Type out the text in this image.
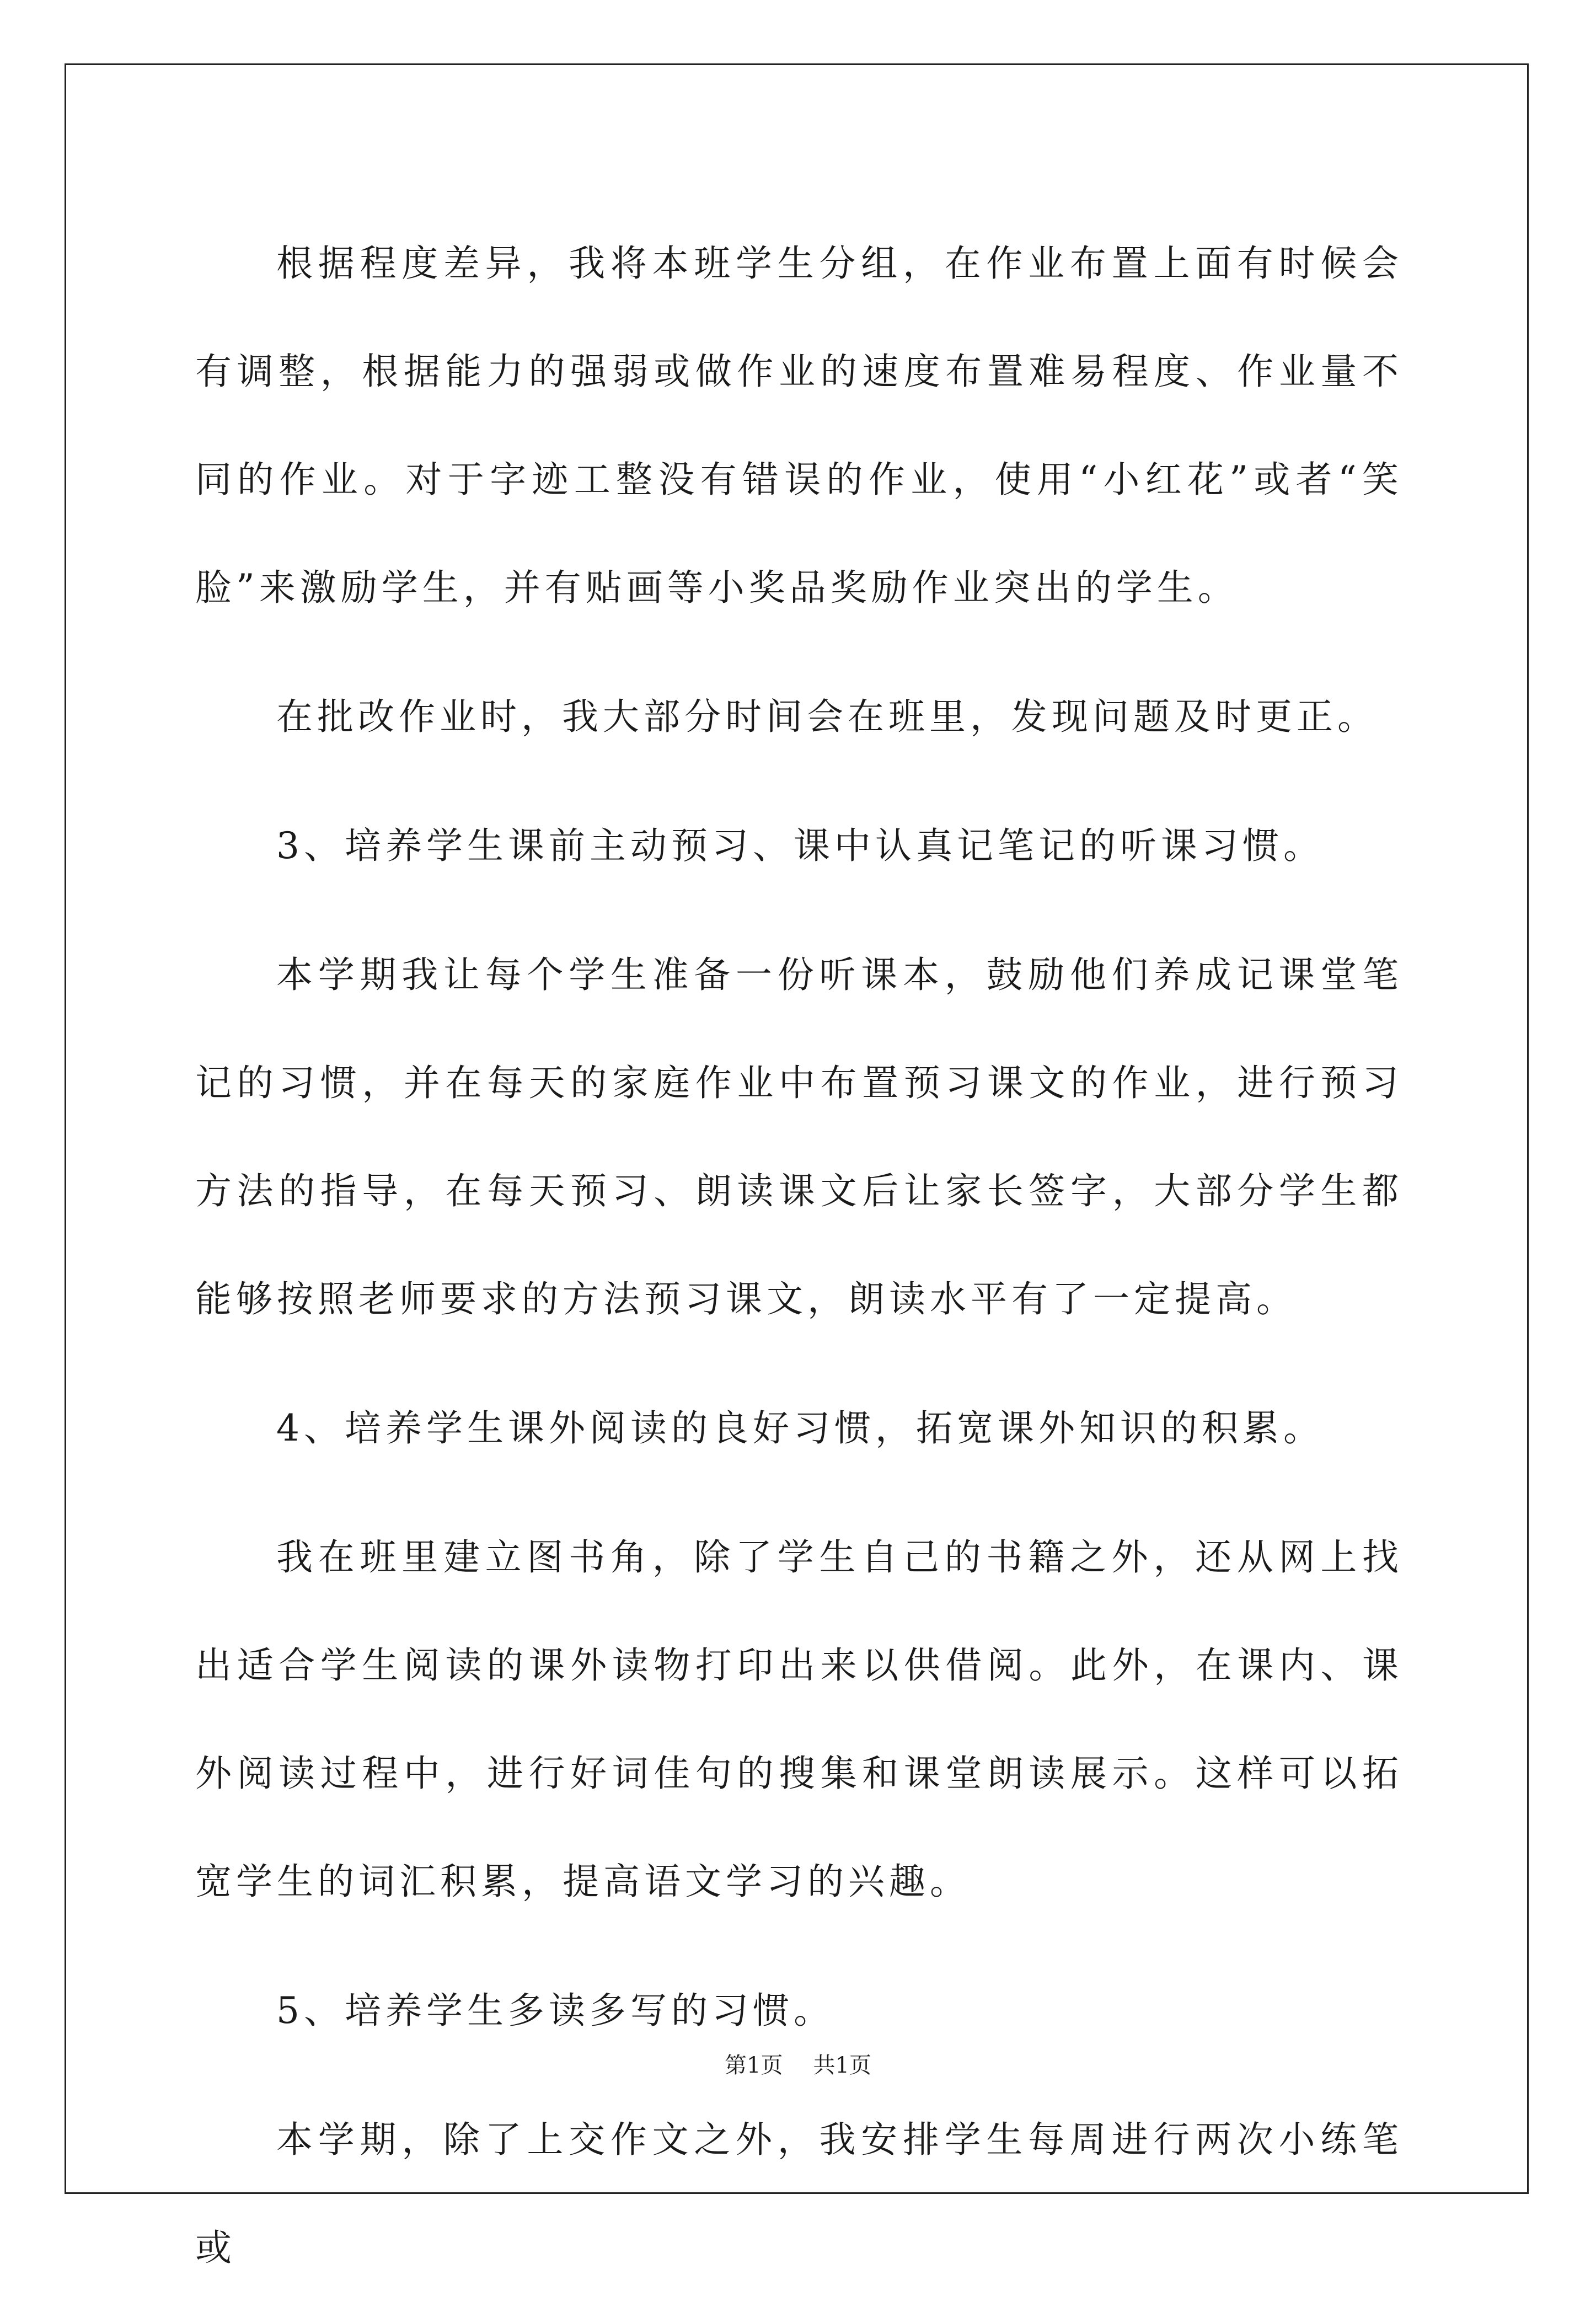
根据程度差异，我将本班学生分组，在作业布置上面有时候会有调整，根据能力的强弱或做作业的速度布置难易程度、作业量不同的作业。对于字迹工整没有错误的作业，使用“小红花”或者“笑脸”来激励学生，并有贴画等小奖品奖励作业突出的学生。

在批改作业时，我大部分时间会在班里，发现问题及时更正。

3、培养学生课前主动预习、课中认真记笔记的听课习惯。

本学期我让每个学生准备一份听课本，鼓励他们养成记课堂笔记的习惯，并在每天的家庭作业中布置预习课文的作业，进行预习方法的指导，在每天预习、朗读课文后让家长签字，大部分学生都能够按照老师要求的方法预习课文，朗读水平有了一定提高。

4、培养学生课外阅读的良好习惯，拓宽课外知识的积累。

我在班里建立图书角，除了学生自己的书籍之外，还从网上找出适合学生阅读的课外读物打印出来以供借阅。此外，在课内、课外阅读过程中，进行好词佳句的搜集和课堂朗读展示。这样可以拓宽学生的词汇积累，提高语文学习的兴趣。

5、培养学生多读多写的习惯。

本学期，除了上交作文之外，我安排学生每周进行两次小练笔或

第1页 共1页
